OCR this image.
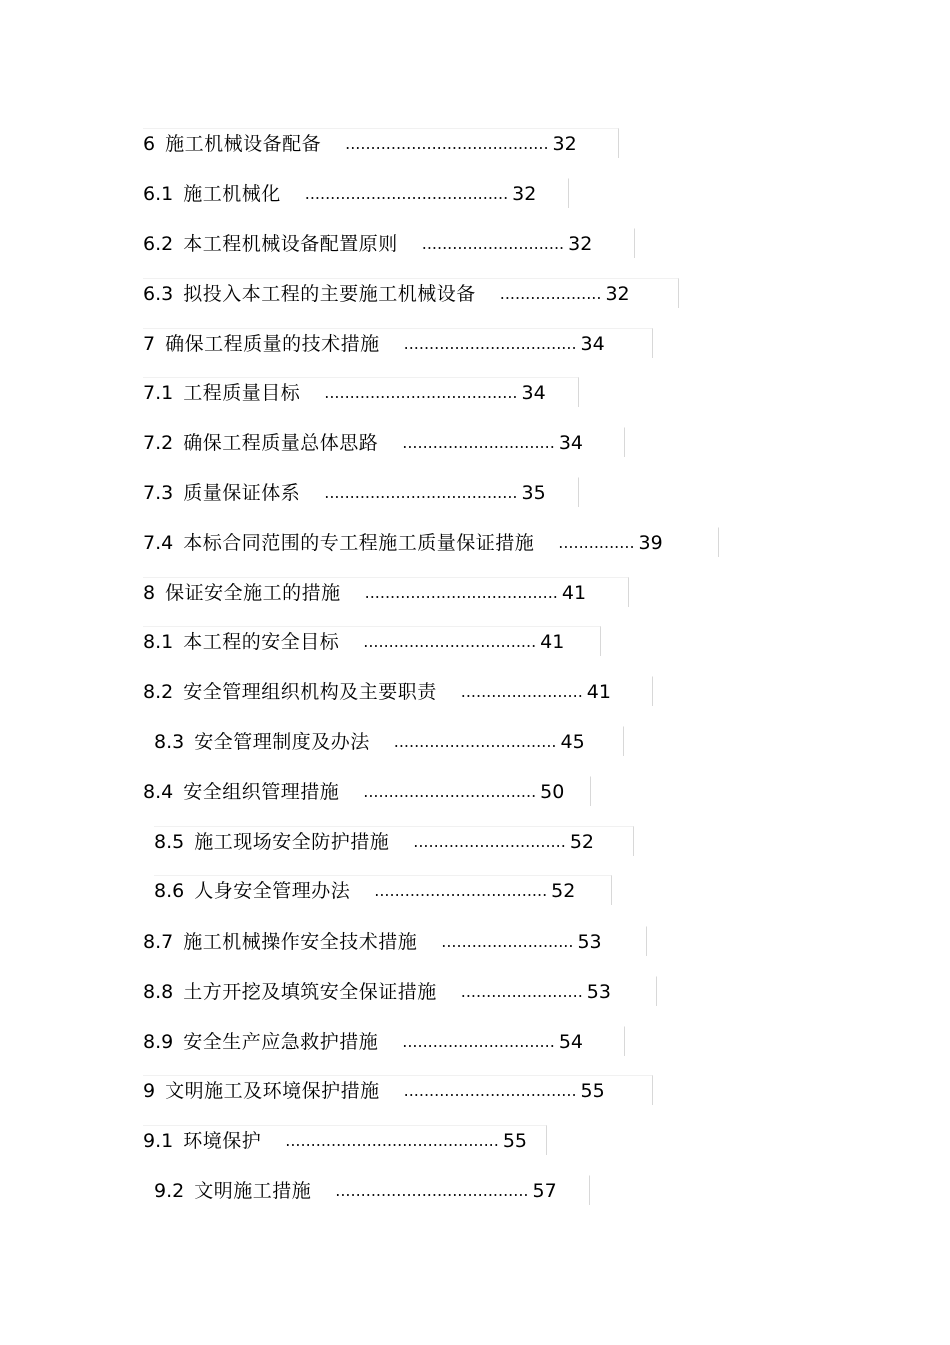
6 施工机械设备配备 ........................................ 32
6.1 施工机械化 ........................................ 32
6.2 本工程机械设备配置原则 ............................ 32
6.3 拟投入本工程的主要施工机械设备 .................... 32
7 确保工程质量的技术措施 .................................. 34
7.1 工程质量目标 ...................................... 34
7.2 确保工程质量总体思路 .............................. 34
7.3 质量保证体系 ...................................... 35
7.4 本标合同范围的专工程施工质量保证措施 ............... 39
8 保证安全施工的措施 ...................................... 41
8.1 本工程的安全目标 .................................. 41
8.2 安全管理组织机构及主要职责 ........................ 41
8.3 安全管理制度及办法 ................................ 45
8.4 安全组织管理措施 .................................. 50
8.5 施工现场安全防护措施 .............................. 52
8.6 人身安全管理办法 .................................. 52
8.7 施工机械操作安全技术措施 .......................... 53
8.8 土方开挖及填筑安全保证措施 ........................ 53
8.9 安全生产应急救护措施 .............................. 54
9 文明施工及环境保护措施 .................................. 55
9.1 环境保护 .......................................... 55
9.2 文明施工措施 ...................................... 57
